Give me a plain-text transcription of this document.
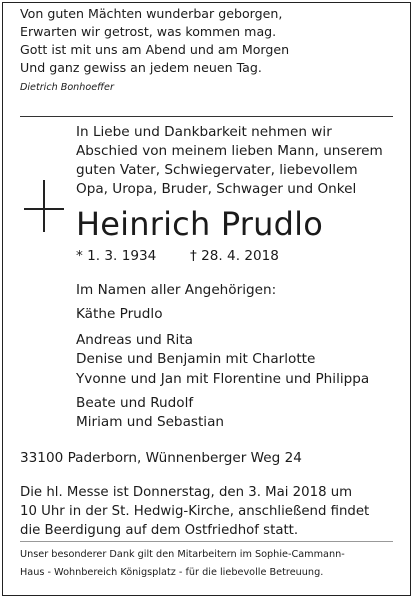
Von guten Mächten wunderbar geborgen,
Erwarten wir getrost, was kommen mag.
Gott ist mit uns am Abend und am Morgen
Und ganz gewiss an jedem neuen Tag.
Dietrich Bonhoeffer
In Liebe und Dankbarkeit nehmen wir
Abschied von meinem lieben Mann, unserem
guten Vater, Schwiegervater, liebevollem
Opa, Uropa, Bruder, Schwager und Onkel
Heinrich Prudlo
* 1. 3. 1934 † 28. 4. 2018
Im Namen aller Angehörigen:
Käthe Prudlo
Andreas und Rita
Denise und Benjamin mit Charlotte
Yvonne und Jan mit Florentine und Philippa
Beate und Rudolf
Miriam und Sebastian
33100 Paderborn, Wünnenberger Weg 24
Die hl. Messe ist Donnerstag, den 3. Mai 2018 um
10 Uhr in der St. Hedwig-Kirche, anschließend findet
die Beerdigung auf dem Ostfriedhof statt.
Unser besonderer Dank gilt den Mitarbeitern im Sophie-Cammann-
Haus - Wohnbereich Königsplatz - für die liebevolle Betreuung.
